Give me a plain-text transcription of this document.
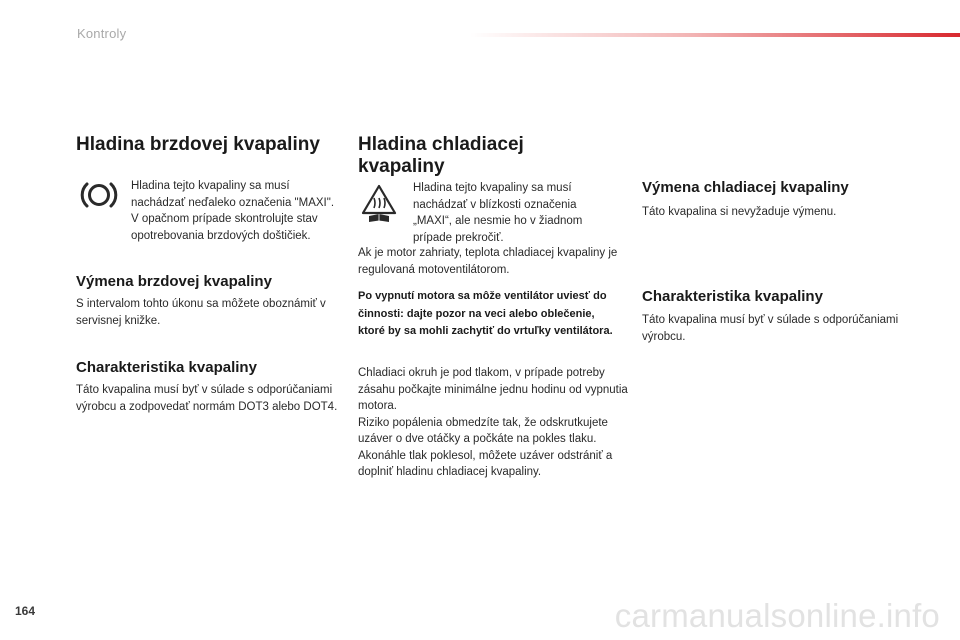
Kontroly
Hladina brzdovej kvapaliny
Hladina tejto kvapaliny sa musí nachádzať neďaleko označenia "MAXI". V opačnom prípade skontrolujte stav opotrebovania brzdových doštičiek.
Výmena brzdovej kvapaliny
S intervalom tohto úkonu sa môžete oboznámiť v servisnej knižke.
Charakteristika kvapaliny
Táto kvapalina musí byť v súlade s odporúčaniami výrobcu a zodpovedať normám DOT3 alebo DOT4.
Hladina chladiacej kvapaliny
Hladina tejto kvapaliny sa musí nachádzať v blízkosti označenia „MAXI“, ale nesmie ho v žiadnom prípade prekročiť.
Ak je motor zahriaty, teplota chladiacej kvapaliny je regulovaná motoventilátorom.
Po vypnutí motora sa môže ventilátor uviesť do činnosti: dajte pozor na veci alebo oblečenie, ktoré by sa mohli zachytiť do vrtuľky ventilátora.
Chladiaci okruh je pod tlakom, v prípade potreby zásahu počkajte minimálne jednu hodinu od vypnutia motora.
Riziko popálenia obmedzíte tak, že odskrutkujete uzáver o dve otáčky a počkáte na pokles tlaku. Akonáhle tlak poklesol, môžete uzáver odstrániť a doplniť hladinu chladiacej kvapaliny.
Výmena chladiacej kvapaliny
Táto kvapalina si nevyžaduje výmenu.
Charakteristika kvapaliny
Táto kvapalina musí byť v súlade s odporúčaniami výrobcu.
164	carmanualsonline.info
